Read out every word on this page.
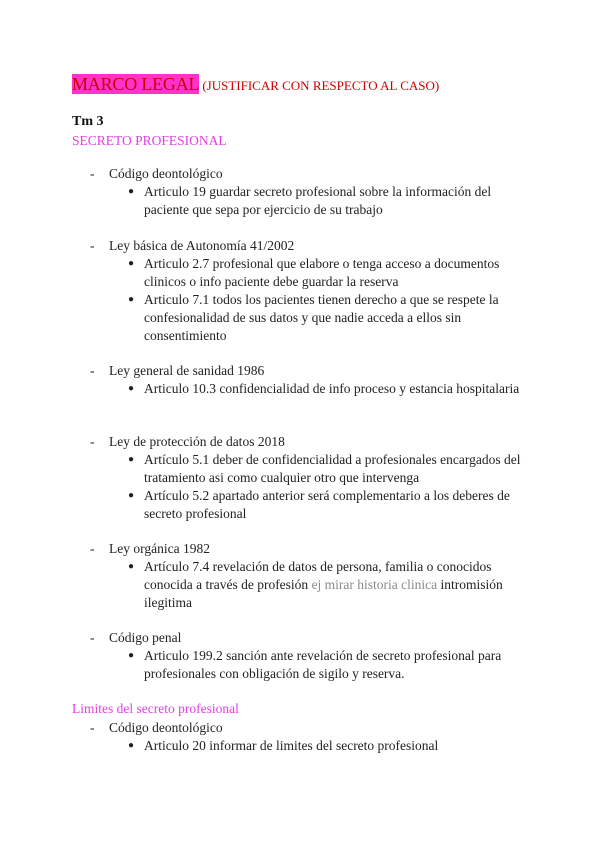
MARCO LEGAL (JUSTIFICAR CON RESPECTO AL CASO)
Tm 3
SECRETO PROFESIONAL
- Código deontológico
● Articulo 19 guardar secreto profesional sobre la información del paciente que sepa por ejercicio de su trabajo
- Ley básica de Autonomía 41/2002
● Articulo 2.7 profesional que elabore o tenga acceso a documentos clinicos o info paciente debe guardar la reserva
● Articulo 7.1 todos los pacientes tienen derecho a que se respete la confesionalidad de sus datos y que nadie acceda a ellos sin consentimiento
- Ley general de sanidad 1986
● Articulo 10.3 confidencialidad de info proceso y estancia hospitalaria
- Ley de protección de datos 2018
● Artículo 5.1 deber de confidencialidad a profesionales encargados del tratamiento asi como cualquier otro que intervenga
● Artículo 5.2 apartado anterior será complementario a los deberes de secreto profesional
- Ley orgánica 1982
● Artículo 7.4 revelación de datos de persona, familia o conocidos conocida a través de profesión ej mirar historia clinica intromisión ilegitima
- Código penal
● Articulo 199.2 sanción ante revelación de secreto profesional para profesionales con obligación de sigilo y reserva.
Limites del secreto profesional
- Código deontológico
● Articulo 20 informar de limites del secreto profesional
